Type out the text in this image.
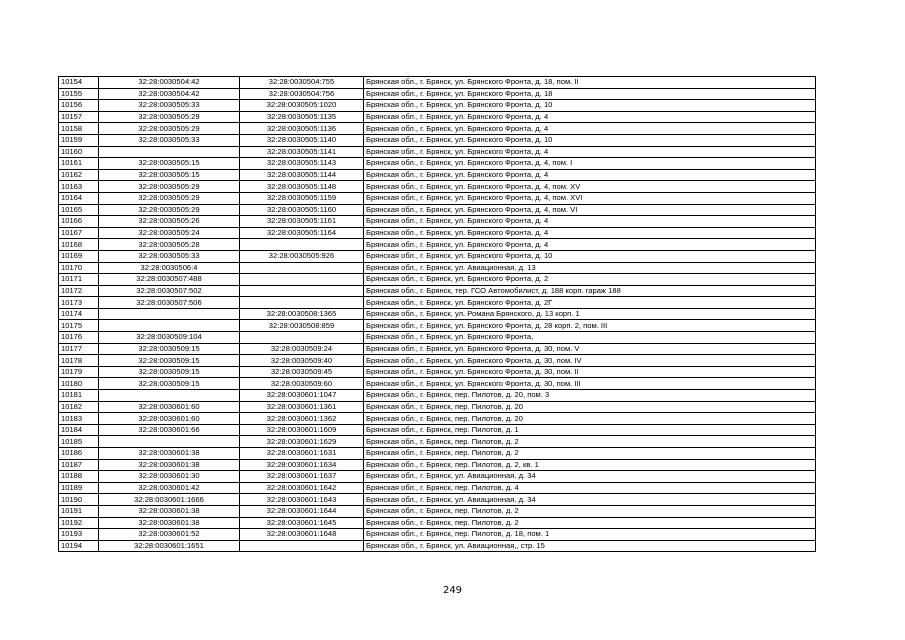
10154	32:28:0030504:42	32:28:0030504:755	Брянская обл., г. Брянск, ул. Брянского Фронта, д. 18, пом. II
10155	32:28:0030504:42	32:28:0030504:756	Брянская обл., г. Брянск, ул. Брянского Фронта, д. 18
10156	32:28:0030505:33	32:28:0030505:1020	Брянская обл., г. Брянск, ул. Брянского Фронта, д. 10
10157	32:28:0030505:29	32:28:0030505:1135	Брянская обл., г. Брянск, ул. Брянского Фронта, д. 4
10158	32:28:0030505:29	32:28:0030505:1136	Брянская обл., г. Брянск, ул. Брянского Фронта, д. 4
10159	32:28:0030505:33	32:28:0030505:1140	Брянская обл., г. Брянск, ул. Брянского Фронта, д. 10
10160		32:28:0030505:1141	Брянская обл., г. Брянск, ул. Брянского Фронта, д. 4
10161	32:28:0030505:15	32:28:0030505:1143	Брянская обл., г. Брянск, ул. Брянского Фронта, д. 4, пом. I
10162	32:28:0030505:15	32:28:0030505:1144	Брянская обл., г. Брянск, ул. Брянского Фронта, д. 4
10163	32:28:0030505:29	32:28:0030505:1148	Брянская обл., г. Брянск, ул. Брянского Фронта, д. 4, пом. XV
10164	32:28:0030505:29	32:28:0030505:1159	Брянская обл., г. Брянск, ул. Брянского Фронта, д. 4, пом. XVI
10165	32:28:0030505:29	32:28:0030505:1160	Брянская обл., г. Брянск, ул. Брянского Фронта, д. 4, пом. VI
10166	32:28:0030505:26	32:28:0030505:1161	Брянская обл., г. Брянск, ул. Брянского Фронта, д. 4
10167	32:28:0030505:24	32:28:0030505:1164	Брянская обл., г. Брянск, ул. Брянского Фронта, д. 4
10168	32:28:0030505:28		Брянская обл., г. Брянск, ул. Брянского Фронта, д. 4
10169	32:28:0030505:33	32:28:0030505:926	Брянская обл., г. Брянск, ул. Брянского Фронта, д. 10
10170	32:28:0030506:4		Брянская обл., г. Брянск, ул. Авиационная, д. 13
10171	32:28:0030507:488		Брянская обл., г. Брянск, ул. Брянского Фронта, д. 2
10172	32:28:0030507:502		Брянская обл., г. Брянск, тер. ГСО Автомобилист, д. 188 корп. гараж 188
10173	32:28:0030507:506		Брянская обл., г. Брянск, ул. Брянского Фронта, д. 2Г
10174		32:28:0030508:1365	Брянская обл., г. Брянск, ул. Романа Брянского, д. 13 корп. 1
10175		32:28:0030508:859	Брянская обл., г. Брянск, ул. Брянского Фронта, д. 28 корп. 2, пом. III
10176	32:28:0030509:104		Брянская обл., г. Брянск, ул. Брянского Фронта,
10177	32:28:0030509:15	32:28:0030509:24	Брянская обл., г. Брянск, ул. Брянского Фронта, д. 30, пом. V
10178	32:28:0030509:15	32:28:0030509:40	Брянская обл., г. Брянск, ул. Брянского Фронта, д. 30, пом. IV
10179	32:28:0030509:15	32:28:0030509:45	Брянская обл., г. Брянск, ул. Брянского Фронта, д. 30, пом. II
10180	32:28:0030509:15	32:28:0030509:60	Брянская обл., г. Брянск, ул. Брянского Фронта, д. 30, пом. III
10181		32:28:0030601:1047	Брянская обл., г. Брянск, пер. Пилотов, д. 20, пом. 3
10182	32:28:0030601:60	32:28:0030601:1361	Брянская обл., г. Брянск, пер. Пилотов, д. 20
10183	32:28:0030601:60	32:28:0030601:1362	Брянская обл., г. Брянск, пер. Пилотов, д. 20
10184	32:28:0030601:66	32:28:0030601:1609	Брянская обл., г. Брянск, пер. Пилотов, д. 1
10185		32:28:0030601:1629	Брянская обл., г. Брянск, пер. Пилотов, д. 2
10186	32:28:0030601:38	32:28:0030601:1631	Брянская обл., г. Брянск, пер. Пилотов, д. 2
10187	32:28:0030601:38	32:28:0030601:1634	Брянская обл., г. Брянск, пер. Пилотов, д. 2, кв. 1
10188	32:28:0030601:30	32:28:0030601:1637	Брянская обл., г. Брянск, ул. Авиационная, д. 34
10189	32:28:0030601:42	32:28:0030601:1642	Брянская обл., г. Брянск, пер. Пилотов, д. 4
10190	32:28:0030601:1666	32:28:0030601:1643	Брянская обл., г. Брянск, ул. Авиационная, д. 34
10191	32:28:0030601:38	32:28:0030601:1644	Брянская обл., г. Брянск, пер. Пилотов, д. 2
10192	32:28:0030601:38	32:28:0030601:1645	Брянская обл., г. Брянск, пер. Пилотов, д. 2
10193	32:28:0030601:52	32:28:0030601:1648	Брянская обл., г. Брянск, пер. Пилотов, д. 18, пом. 1
10194	32:28:0030601:1651		Брянская обл., г. Брянск, ул. Авиационная,, стр. 15
249
